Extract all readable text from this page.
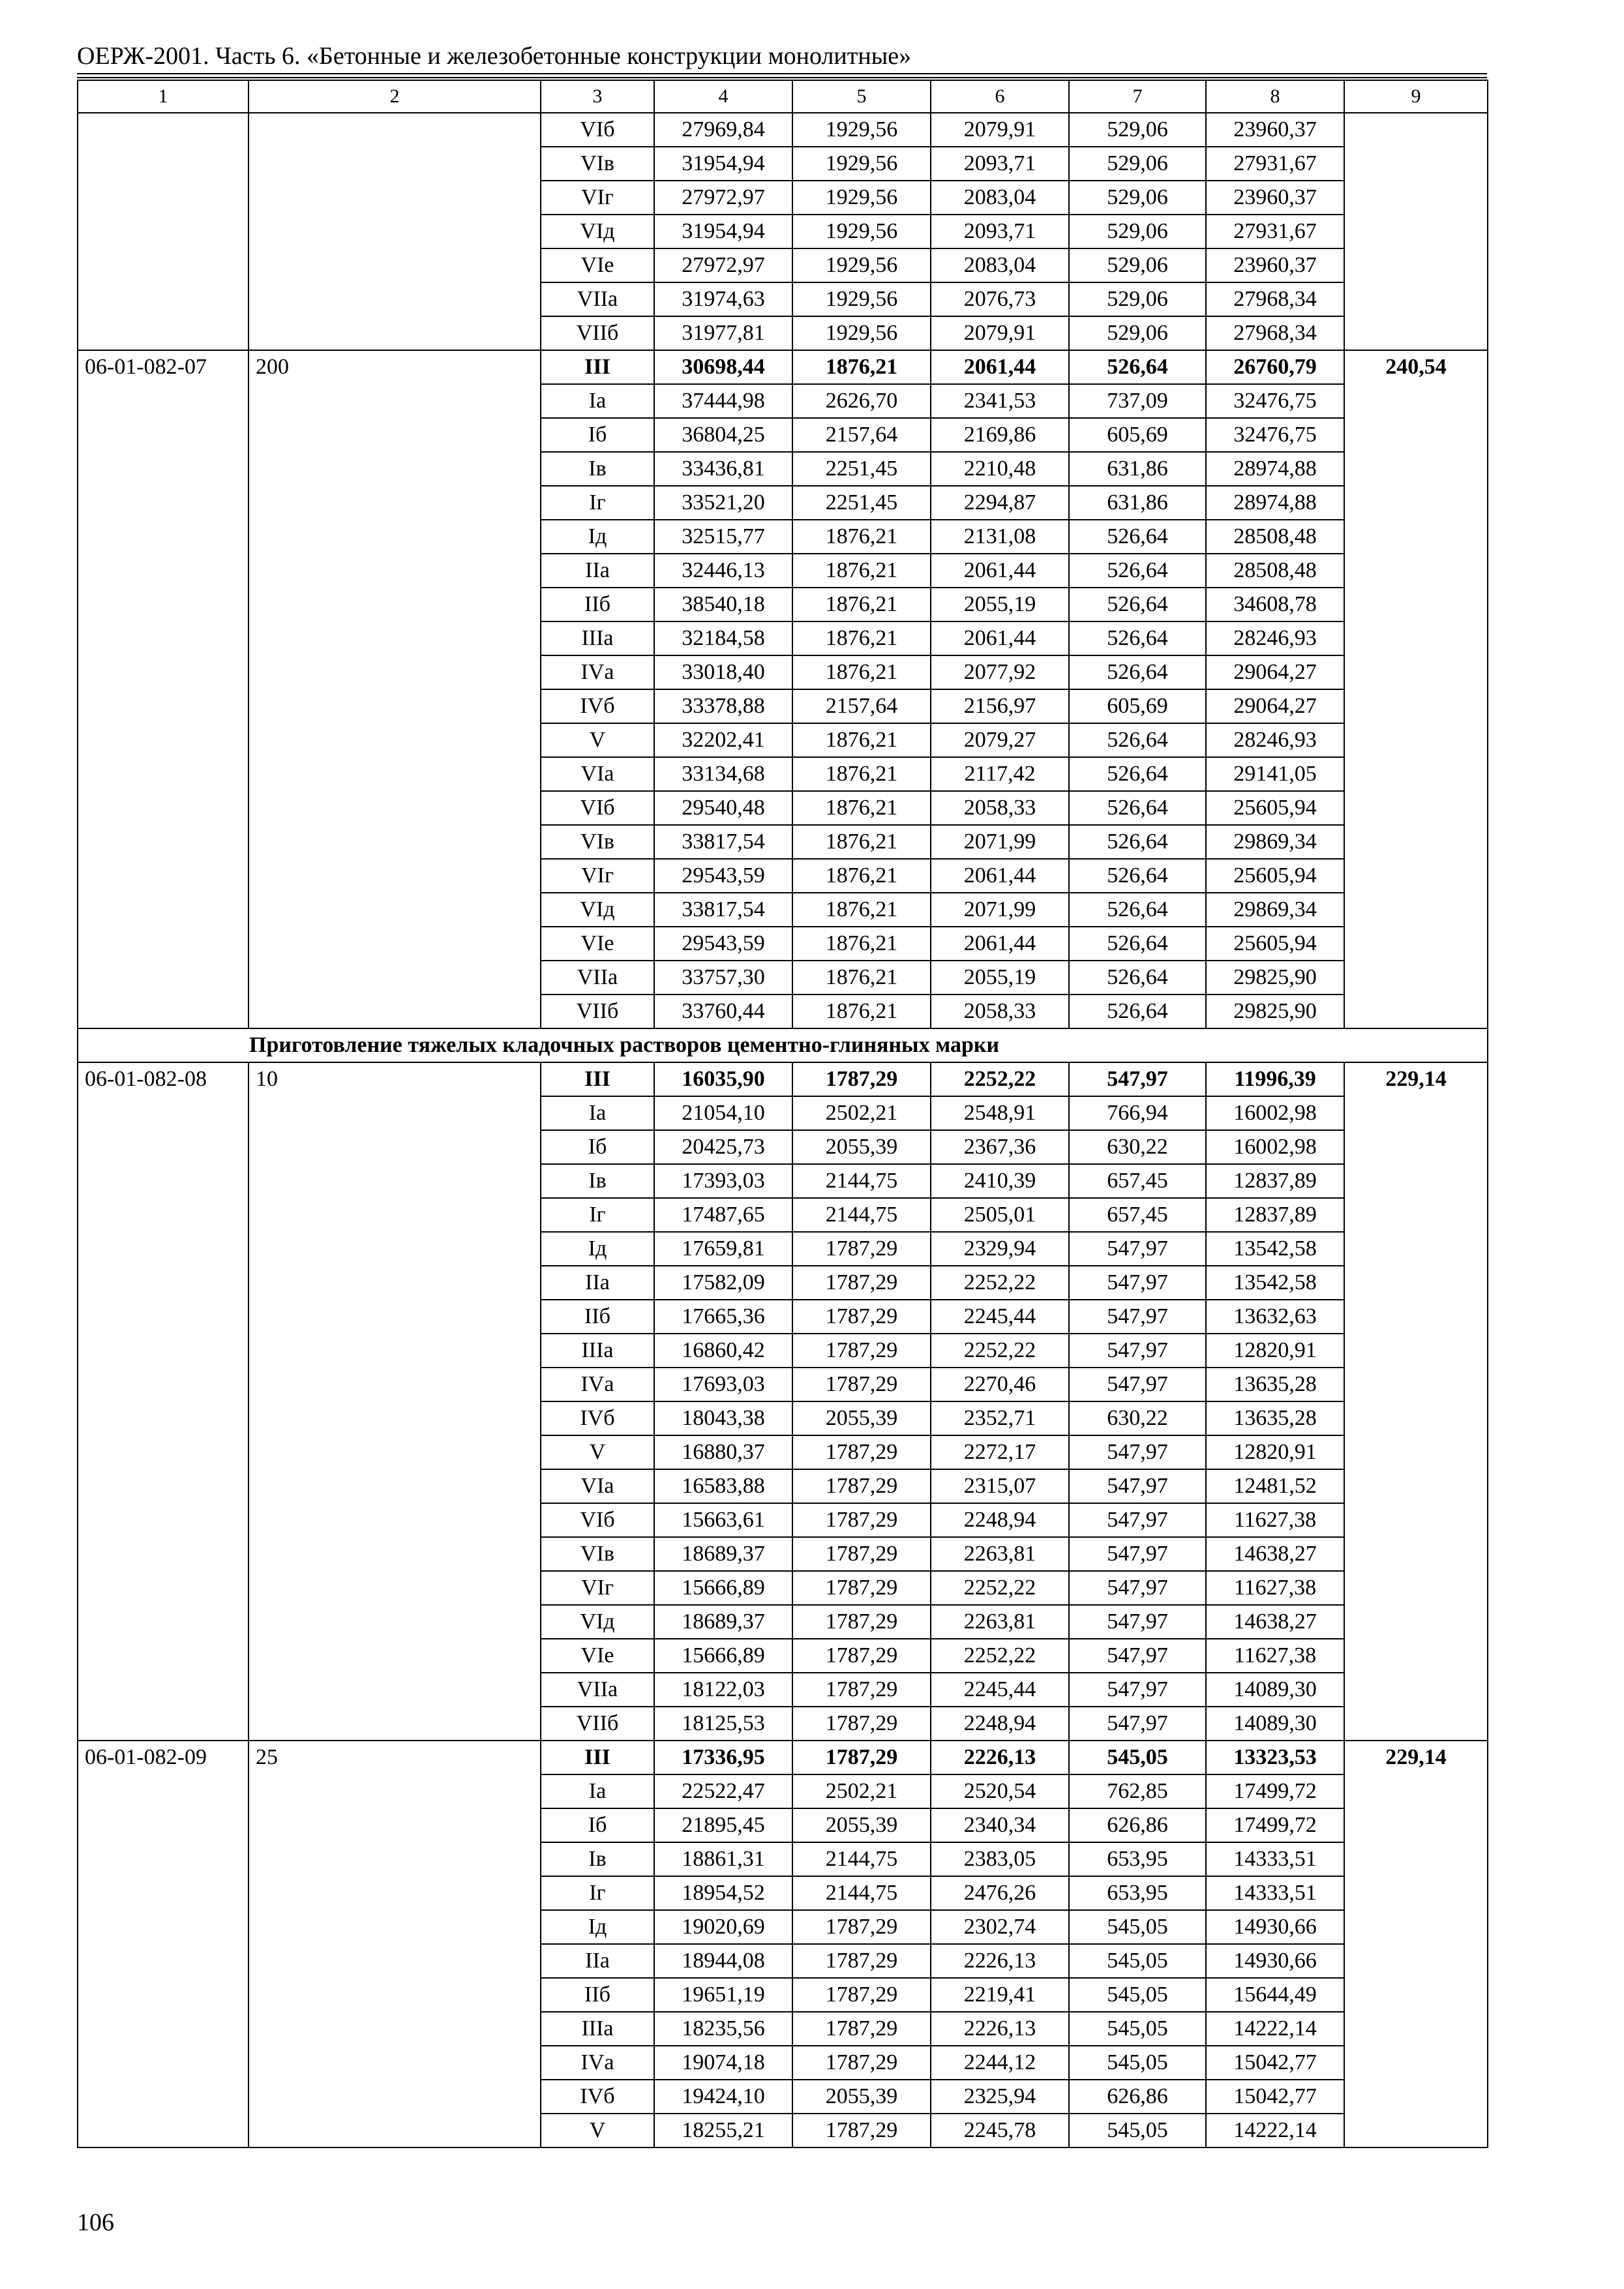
ОЕРЖ-2001. Часть 6. «Бетонные и железобетонные конструкции монолитные»
1	2	3	4	5	6	7	8	9
		VIб	27969,84	1929,56	2079,91	529,06	23960,37	
		VIв	31954,94	1929,56	2093,71	529,06	27931,67	
		VIг	27972,97	1929,56	2083,04	529,06	23960,37	
		VIд	31954,94	1929,56	2093,71	529,06	27931,67	
		VIе	27972,97	1929,56	2083,04	529,06	23960,37	
		VIIа	31974,63	1929,56	2076,73	529,06	27968,34	
		VIIб	31977,81	1929,56	2079,91	529,06	27968,34	
06-01-082-07	200	III	30698,44	1876,21	2061,44	526,64	26760,79	240,54
		Iа	37444,98	2626,70	2341,53	737,09	32476,75	
		Iб	36804,25	2157,64	2169,86	605,69	32476,75	
		Iв	33436,81	2251,45	2210,48	631,86	28974,88	
		Iг	33521,20	2251,45	2294,87	631,86	28974,88	
		Iд	32515,77	1876,21	2131,08	526,64	28508,48	
		IIа	32446,13	1876,21	2061,44	526,64	28508,48	
		IIб	38540,18	1876,21	2055,19	526,64	34608,78	
		IIIа	32184,58	1876,21	2061,44	526,64	28246,93	
		IVа	33018,40	1876,21	2077,92	526,64	29064,27	
		IVб	33378,88	2157,64	2156,97	605,69	29064,27	
		V	32202,41	1876,21	2079,27	526,64	28246,93	
		VIа	33134,68	1876,21	2117,42	526,64	29141,05	
		VIб	29540,48	1876,21	2058,33	526,64	25605,94	
		VIв	33817,54	1876,21	2071,99	526,64	29869,34	
		VIг	29543,59	1876,21	2061,44	526,64	25605,94	
		VIд	33817,54	1876,21	2071,99	526,64	29869,34	
		VIе	29543,59	1876,21	2061,44	526,64	25605,94	
		VIIа	33757,30	1876,21	2055,19	526,64	29825,90	
		VIIб	33760,44	1876,21	2058,33	526,64	29825,90	
Приготовление тяжелых кладочных растворов цементно-глиняных марки								
06-01-082-08	10	III	16035,90	1787,29	2252,22	547,97	11996,39	229,14
		Iа	21054,10	2502,21	2548,91	766,94	16002,98	
		Iб	20425,73	2055,39	2367,36	630,22	16002,98	
		Iв	17393,03	2144,75	2410,39	657,45	12837,89	
		Iг	17487,65	2144,75	2505,01	657,45	12837,89	
		Iд	17659,81	1787,29	2329,94	547,97	13542,58	
		IIа	17582,09	1787,29	2252,22	547,97	13542,58	
		IIб	17665,36	1787,29	2245,44	547,97	13632,63	
		IIIа	16860,42	1787,29	2252,22	547,97	12820,91	
		IVа	17693,03	1787,29	2270,46	547,97	13635,28	
		IVб	18043,38	2055,39	2352,71	630,22	13635,28	
		V	16880,37	1787,29	2272,17	547,97	12820,91	
		VIа	16583,88	1787,29	2315,07	547,97	12481,52	
		VIб	15663,61	1787,29	2248,94	547,97	11627,38	
		VIв	18689,37	1787,29	2263,81	547,97	14638,27	
		VIг	15666,89	1787,29	2252,22	547,97	11627,38	
		VIд	18689,37	1787,29	2263,81	547,97	14638,27	
		VIе	15666,89	1787,29	2252,22	547,97	11627,38	
		VIIа	18122,03	1787,29	2245,44	547,97	14089,30	
		VIIб	18125,53	1787,29	2248,94	547,97	14089,30	
06-01-082-09	25	III	17336,95	1787,29	2226,13	545,05	13323,53	229,14
		Iа	22522,47	2502,21	2520,54	762,85	17499,72	
		Iб	21895,45	2055,39	2340,34	626,86	17499,72	
		Iв	18861,31	2144,75	2383,05	653,95	14333,51	
		Iг	18954,52	2144,75	2476,26	653,95	14333,51	
		Iд	19020,69	1787,29	2302,74	545,05	14930,66	
		IIа	18944,08	1787,29	2226,13	545,05	14930,66	
		IIб	19651,19	1787,29	2219,41	545,05	15644,49	
		IIIа	18235,56	1787,29	2226,13	545,05	14222,14	
		IVа	19074,18	1787,29	2244,12	545,05	15042,77	
		IVб	19424,10	2055,39	2325,94	626,86	15042,77	
		V	18255,21	1787,29	2245,78	545,05	14222,14	
106
